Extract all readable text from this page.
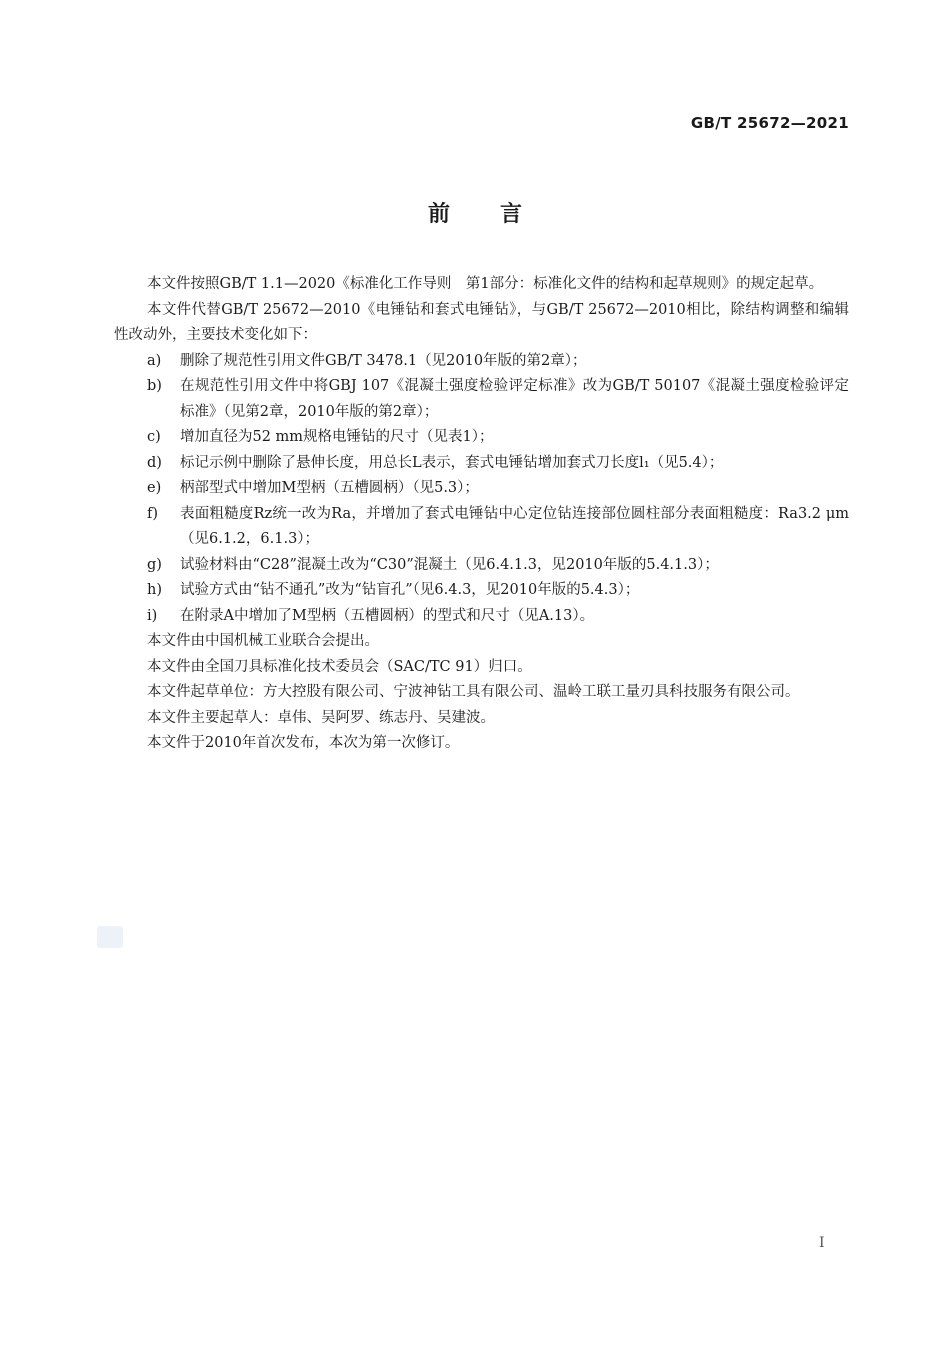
GB/T 25672—2021
前言

本文件按照GB/T 1.1—2020《标准化工作导则　第1部分：标准化文件的结构和起草规则》的规定起草。

本文件代替GB/T 25672—2010《电锤钻和套式电锤钻》，与GB/T 25672—2010相比，除结构调整和编辑性改动外，主要技术变化如下：

a) 删除了规范性引用文件GB/T 3478.1（见2010年版的第2章）；

b) 在规范性引用文件中将GBJ 107《混凝土强度检验评定标准》改为GB/T 50107《混凝土强度检验评定标准》（见第2章，2010年版的第2章）；

c) 增加直径为52 mm规格电锤钻的尺寸（见表1）；

d) 标记示例中删除了悬伸长度，用总长L表示，套式电锤钻增加套式刀长度l₁（见5.4）；

e) 柄部型式中增加M型柄（五槽圆柄）（见5.3）；

f) 表面粗糙度Rz统一改为Ra，并增加了套式电锤钻中心定位钻连接部位圆柱部分表面粗糙度：Ra3.2 μm（见6.1.2，6.1.3）；

g) 试验材料由“C28”混凝土改为“C30”混凝土（见6.4.1.3，见2010年版的5.4.1.3）；

h) 试验方式由“钻不通孔”改为“钻盲孔”（见6.4.3，见2010年版的5.4.3）；

i) 在附录A中增加了M型柄（五槽圆柄）的型式和尺寸（见A.13）。

本文件由中国机械工业联合会提出。

本文件由全国刀具标准化技术委员会（SAC/TC 91）归口。

本文件起草单位：方大控股有限公司、宁波神钻工具有限公司、温岭工联工量刃具科技服务有限公司。

本文件主要起草人：卓伟、吴阿罗、练志丹、吴建波。

本文件于2010年首次发布，本次为第一次修订。

I
